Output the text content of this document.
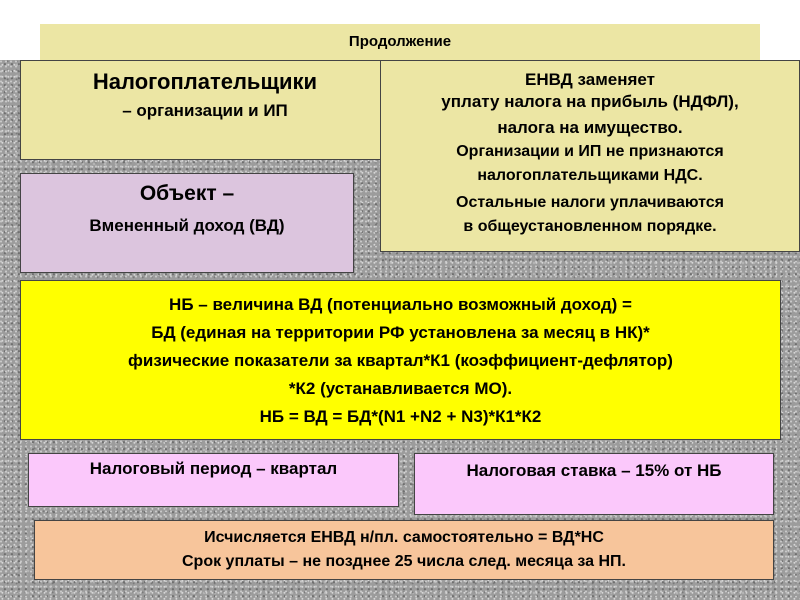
Продолжение
Налогоплательщики
– организации и ИП
ЕНВД заменяет
уплату налога на прибыль (НДФЛ),
налога на имущество.
Организации и ИП не признаются
налогоплательщиками НДС.
Остальные налоги уплачиваются
в общеустановленном порядке.
Объект –
Вмененный доход (ВД)
НБ – величина ВД (потенциально возможный доход) =
БД (единая на территории РФ установлена за месяц в НК)*
физические показатели за квартал*К1 (коэффициент-дефлятор)
*К2 (устанавливается МО).
НБ = ВД = БД*(N1 +N2 + N3)*К1*К2
Налоговый период – квартал	Налоговая ставка – 15% от НБ
Исчисляется ЕНВД н/пл. самостоятельно = ВД*НС
Срок уплаты – не позднее 25 числа след. месяца за НП.
